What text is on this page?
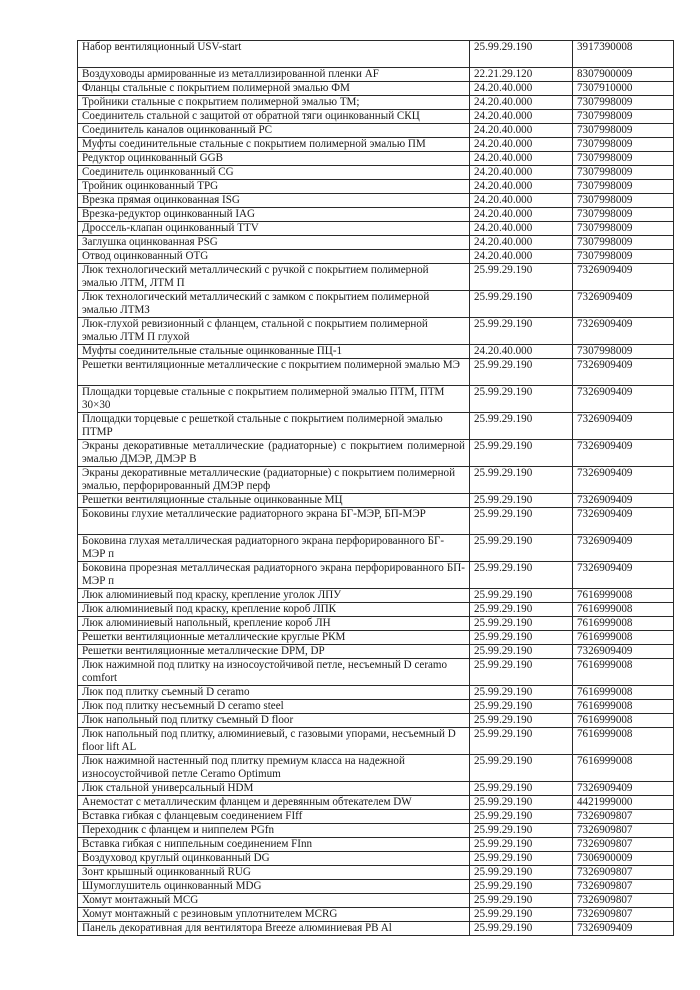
Набор вентиляционный USV-start	25.99.29.190	3917390008
Воздуховоды армированные из металлизированной пленки AF	22.21.29.120	8307900009
Фланцы стальные с покрытием полимерной эмалью ФМ	24.20.40.000	7307910000
Тройники стальные с покрытием полимерной эмалью ТМ;	24.20.40.000	7307998009
Соединитель стальной с защитой от обратной тяги оцинкованный СКЦ	24.20.40.000	7307998009
Соединитель каналов оцинкованный PC	24.20.40.000	7307998009
Муфты соединительные стальные с покрытием полимерной эмалью ПМ	24.20.40.000	7307998009
Редуктор оцинкованный GGB	24.20.40.000	7307998009
Соединитель оцинкованный CG	24.20.40.000	7307998009
Тройник оцинкованный TPG	24.20.40.000	7307998009
Врезка прямая оцинкованная ISG	24.20.40.000	7307998009
Врезка-редуктор оцинкованный IAG	24.20.40.000	7307998009
Дроссель-клапан оцинкованный TTV	24.20.40.000	7307998009
Заглушка оцинкованная PSG	24.20.40.000	7307998009
Отвод оцинкованный OTG	24.20.40.000	7307998009
Люк технологический металлический с ручкой с покрытием полимерной эмалью ЛТМ, ЛТМ П	25.99.29.190	7326909409
Люк технологический металлический с замком с покрытием полимерной эмалью ЛТМЗ	25.99.29.190	7326909409
Люк-глухой ревизионный с фланцем, стальной с покрытием полимерной эмалью ЛТМ П глухой	25.99.29.190	7326909409
Муфты соединительные стальные оцинкованные ПЦ-1	24.20.40.000	7307998009
Решетки вентиляционные металлические с покрытием полимерной эмалью МЭ	25.99.29.190	7326909409
Площадки торцевые стальные с покрытием полимерной эмалью ПТМ, ПТМ 30×30	25.99.29.190	7326909409
Площадки торцевые с решеткой стальные с покрытием полимерной эмалью ПТМР	25.99.29.190	7326909409
Экраны декоративные металлические (радиаторные) с покрытием полимерной эмалью ДМЭР, ДМЭР В	25.99.29.190	7326909409
Экраны декоративные металлические (радиаторные) с покрытием полимерной эмалью, перфорированный ДМЭР перф	25.99.29.190	7326909409
Решетки вентиляционные стальные оцинкованные МЦ	25.99.29.190	7326909409
Боковины глухие металлические радиаторного экрана БГ-МЭР, БП-МЭР	25.99.29.190	7326909409
Боковина глухая металлическая радиаторного экрана перфорированного БГ-МЭР п	25.99.29.190	7326909409
Боковина прорезная металлическая радиаторного экрана перфорированного БП-МЭР п	25.99.29.190	7326909409
Люк алюминиевый под краску, крепление уголок ЛПУ	25.99.29.190	7616999008
Люк алюминиевый под краску, крепление короб ЛПК	25.99.29.190	7616999008
Люк алюминиевый напольный, крепление короб ЛН	25.99.29.190	7616999008
Решетки вентиляционные металлические круглые РКМ	25.99.29.190	7616999008
Решетки вентиляционные металлические DPM, DP	25.99.29.190	7326909409
Люк нажимной под плитку на износоустойчивой петле, несъемный D ceramo comfort	25.99.29.190	7616999008
Люк под плитку съемный D ceramo	25.99.29.190	7616999008
Люк под плитку несъемный D ceramo steel	25.99.29.190	7616999008
Люк напольный под плитку съемный D floor	25.99.29.190	7616999008
Люк напольный под плитку, алюминиевый, с газовыми упорами, несъемный D floor lift AL	25.99.29.190	7616999008
Люк нажимной настенный под плитку премиум класса на надежной износоустойчивой петле Ceramo Optimum	25.99.29.190	7616999008
Люк стальной универсальный HDM	25.99.29.190	7326909409
Анемостат с металлическим фланцем и деревянным обтекателем DW	25.99.29.190	4421999000
Вставка гибкая с фланцевым соединением FIff	25.99.29.190	7326909807
Переходник с фланцем и ниппелем PGfn	25.99.29.190	7326909807
Вставка гибкая с ниппельным соединением FInn	25.99.29.190	7326909807
Воздуховод круглый оцинкованный DG	25.99.29.190	7306900009
Зонт крышный оцинкованный RUG	25.99.29.190	7326909807
Шумоглушитель оцинкованный MDG	25.99.29.190	7326909807
Хомут монтажный MCG	25.99.29.190	7326909807
Хомут монтажный с резиновым уплотнителем MCRG	25.99.29.190	7326909807
Панель декоративная для вентилятора Breeze алюминиевая PB Al	25.99.29.190	7326909409
